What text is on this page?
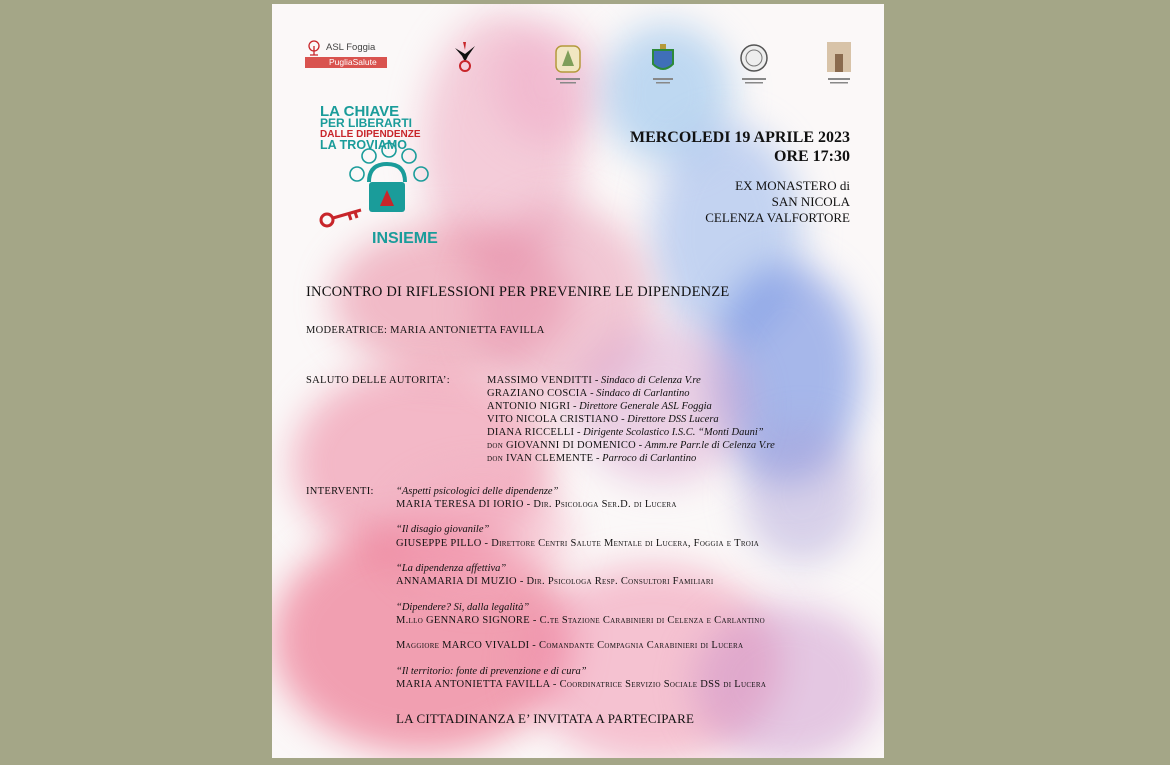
ASL Foggia
PugliaSalute
LA CHIAVE
PER LIBERARTI
DALLE DIPENDENZE
LA TROVIAMO
INSIEME
MERCOLEDI 19 APRILE 2023
ORE 17:30
EX MONASTERO di
SAN NICOLA
CELENZA VALFORTORE
INCONTRO DI RIFLESSIONI PER PREVENIRE LE DIPENDENZE
MODERATRICE: MARIA ANTONIETTA FAVILLA
SALUTO DELLE AUTORITA’:	MASSIMO VENDITTI - Sindaco di Celenza V.re
GRAZIANO COSCIA - Sindaco di Carlantino
ANTONIO NIGRI - Direttore Generale ASL Foggia
VITO NICOLA CRISTIANO - Direttore DSS Lucera
DIANA RICCELLI - Dirigente Scolastico I.S.C. “Monti Dauni”
don GIOVANNI DI DOMENICO - Amm.re Parr.le di Celenza V.re
don IVAN CLEMENTE - Parroco di Carlantino
INTERVENTI: “Aspetti psicologici delle dipendenze”
MARIA TERESA DI IORIO - Dir. Psicologa Ser.D. di Lucera
“Il disagio giovanile”
GIUSEPPE PILLO - Direttore Centri Salute Mentale di Lucera, Foggia e Troia
“La dipendenza affettiva”
ANNAMARIA DI MUZIO - Dir. Psicologa Resp. Consultori Familiari
“Dipendere? Si, dalla legalità”
M.llo GENNARO SIGNORE - C.te Stazione Carabinieri di Celenza e Carlantino
Maggiore MARCO VIVALDI - Comandante Compagnia Carabinieri di Lucera
“Il territorio: fonte di prevenzione e di cura”
MARIA ANTONIETTA FAVILLA - Coordinatrice Servizio Sociale DSS di Lucera
LA CITTADINANZA E’ INVITATA A PARTECIPARE
